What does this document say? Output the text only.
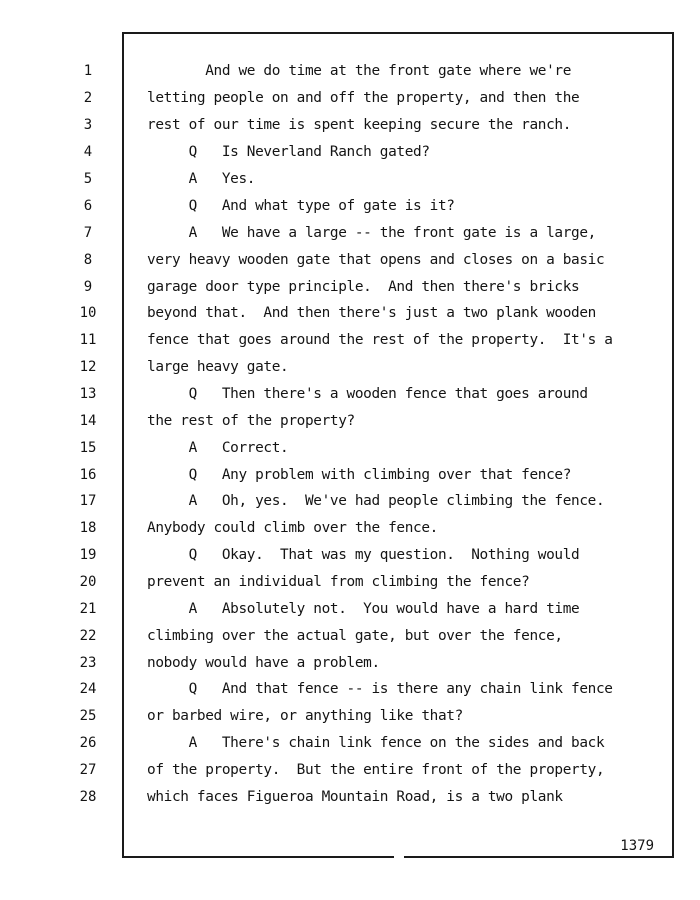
1	And we do time at the front gate where we're
2	letting people on and off the property, and then the
3	rest of our time is spent keeping secure the ranch.
4	Q   Is Neverland Ranch gated?
5	A   Yes.
6	Q   And what type of gate is it?
7	A   We have a large -- the front gate is a large,
8	very heavy wooden gate that opens and closes on a basic
9	garage door type principle.  And then there's bricks
10	beyond that.  And then there's just a two plank wooden
11	fence that goes around the rest of the property.  It's a
12	large heavy gate.
13	Q   Then there's a wooden fence that goes around
14	the rest of the property?
15	A   Correct.
16	Q   Any problem with climbing over that fence?
17	A   Oh, yes.  We've had people climbing the fence.
18	Anybody could climb over the fence.
19	Q   Okay.  That was my question.  Nothing would
20	prevent an individual from climbing the fence?
21	A   Absolutely not.  You would have a hard time
22	climbing over the actual gate, but over the fence,
23	nobody would have a problem.
24	Q   And that fence -- is there any chain link fence
25	or barbed wire, or anything like that?
26	A   There's chain link fence on the sides and back
27	of the property.  But the entire front of the property,
28	which faces Figueroa Mountain Road, is a two plank
1379
